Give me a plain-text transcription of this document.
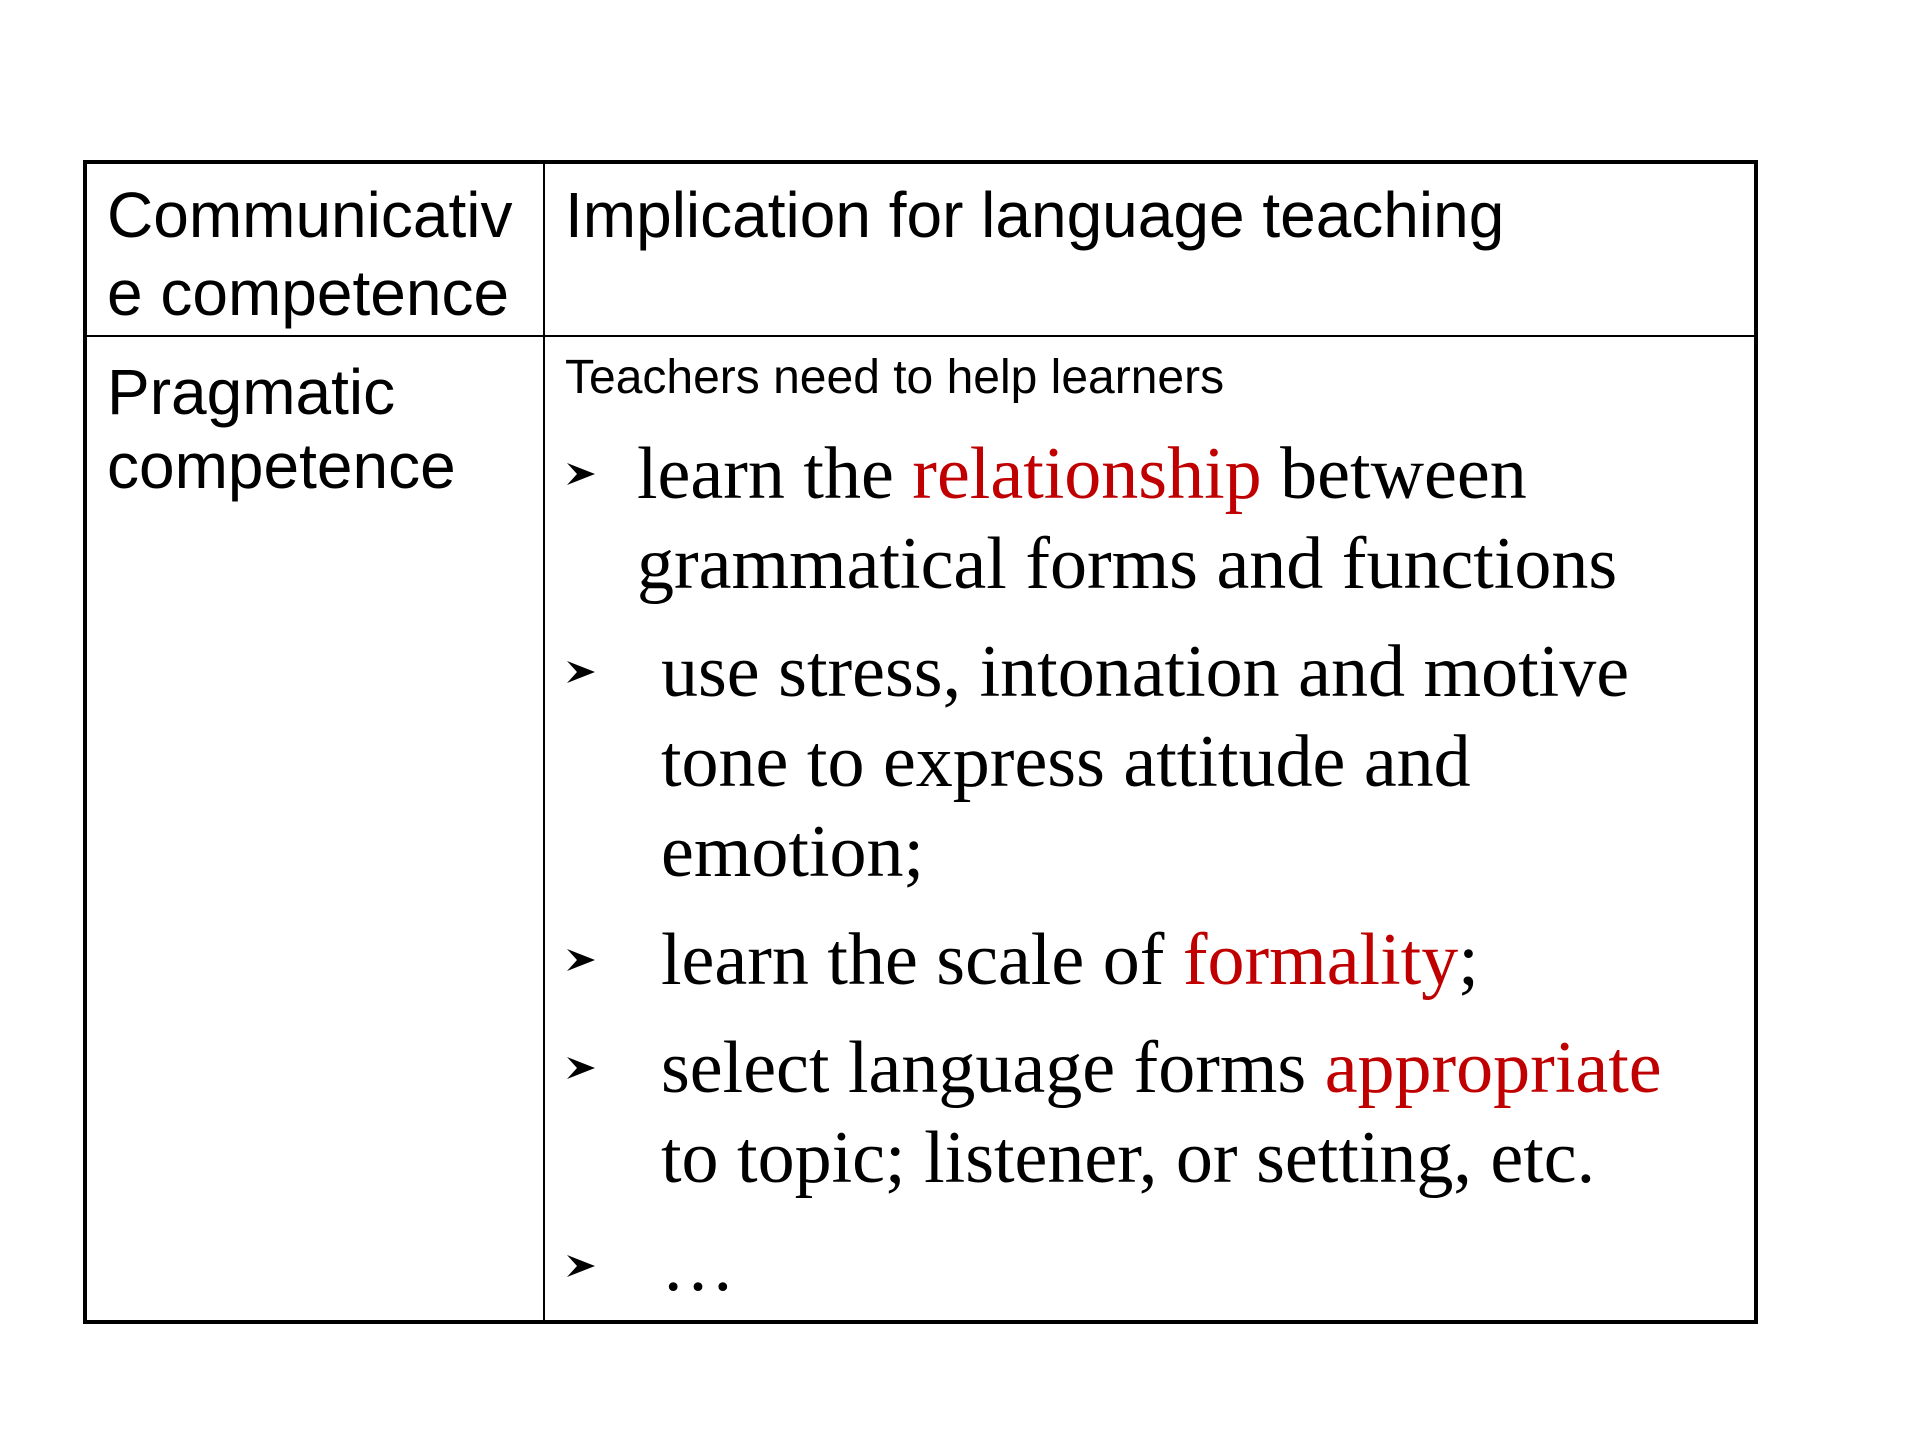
Communicative competence
Implication for language teaching
Pragmatic competence
Teachers need to help learners
learn the relationship between grammatical forms and functions
use stress, intonation and motive tone to express attitude and emotion;
learn the scale of formality;
select language forms appropriate to topic; listener, or setting, etc.
…
